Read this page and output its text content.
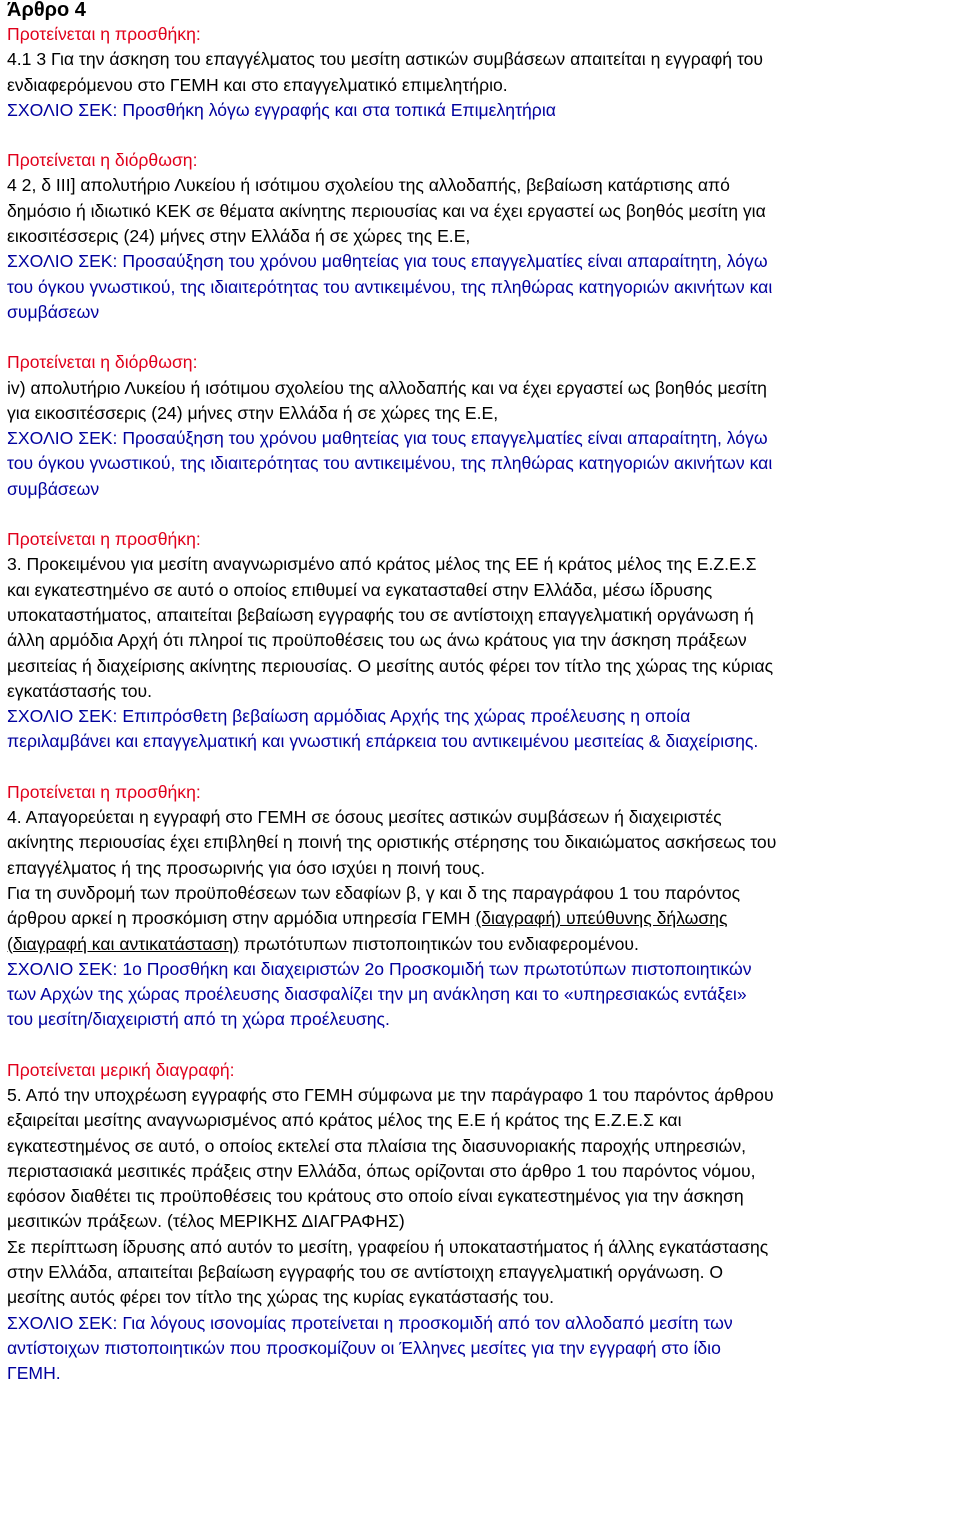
Άρθρο 4
Προτείνεται η προσθήκη:
4.1 3 Για την άσκηση του επαγγέλματος του μεσίτη αστικών συμβάσεων απαιτείται η εγγραφή του
ενδιαφερόμενου στο ΓΕΜΗ και στο επαγγελματικό επιμελητήριο.
ΣΧΟΛΙΟ ΣΕΚ: Προσθήκη λόγω εγγραφής και στα τοπικά Επιμελητήρια
Προτείνεται η διόρθωση:
4 2, δ III] απολυτήριο Λυκείου ή ισότιμου σχολείου της αλλοδαπής, βεβαίωση κατάρτισης από
δημόσιο ή ιδιωτικό ΚΕΚ σε θέματα ακίνητης περιουσίας και να έχει εργαστεί ως βοηθός μεσίτη για
εικοσιτέσσερις (24) μήνες στην Ελλάδα ή σε χώρες της Ε.Ε,
ΣΧΟΛΙΟ ΣΕΚ: Προσαύξηση του χρόνου μαθητείας για τους επαγγελματίες είναι απαραίτητη, λόγω
του όγκου γνωστικού, της ιδιαιτερότητας του αντικειμένου, της πληθώρας κατηγοριών ακινήτων και
συμβάσεων
Προτείνεται η διόρθωση:
iv) απολυτήριο Λυκείου ή ισότιμου σχολείου της αλλοδαπής και να έχει εργαστεί ως βοηθός μεσίτη
για εικοσιτέσσερις (24) μήνες στην Ελλάδα ή σε χώρες της Ε.Ε,
ΣΧΟΛΙΟ ΣΕΚ: Προσαύξηση του χρόνου μαθητείας για τους επαγγελματίες είναι απαραίτητη, λόγω
του όγκου γνωστικού, της ιδιαιτερότητας του αντικειμένου, της πληθώρας κατηγοριών ακινήτων και
συμβάσεων
Προτείνεται η προσθήκη:
3. Προκειμένου για μεσίτη αναγνωρισμένο από κράτος μέλος της ΕΕ ή κράτος μέλος της Ε.Ζ.Ε.Σ
και εγκατεστημένο σε αυτό ο οποίος επιθυμεί να εγκατασταθεί στην Ελλάδα, μέσω ίδρυσης
υποκαταστήματος, απαιτείται βεβαίωση εγγραφής του σε αντίστοιχη επαγγελματική οργάνωση ή
άλλη αρμόδια Αρχή ότι πληροί τις προϋποθέσεις του ως άνω κράτους για την άσκηση πράξεων
μεσιτείας ή διαχείρισης ακίνητης περιουσίας. Ο μεσίτης αυτός φέρει τον τίτλο της χώρας της κύριας
εγκατάστασής του.
ΣΧΟΛΙΟ ΣΕΚ: Επιπρόσθετη βεβαίωση αρμόδιας Αρχής της χώρας προέλευσης η οποία
περιλαμβάνει και επαγγελματική και γνωστική επάρκεια του αντικειμένου μεσιτείας & διαχείρισης.
Προτείνεται η προσθήκη:
4. Απαγορεύεται η εγγραφή στο ΓΕΜΗ σε όσους μεσίτες αστικών συμβάσεων ή διαχειριστές
ακίνητης περιουσίας έχει επιβληθεί η ποινή της οριστικής στέρησης του δικαιώματος ασκήσεως του
επαγγέλματος ή της προσωρινής για όσο ισχύει η ποινή τους.
Για τη συνδρομή των προϋποθέσεων των εδαφίων β, γ και δ της παραγράφου 1 του παρόντος
άρθρου αρκεί η προσκόμιση στην αρμόδια υπηρεσία ΓΕΜΗ (διαγραφή) υπεύθυνης δήλωσης
(διαγραφή και αντικατάσταση) πρωτότυπων πιστοποιητικών του ενδιαφερομένου.
ΣΧΟΛΙΟ ΣΕΚ: 1ο Προσθήκη και διαχειριστών 2ο Προσκομιδή των πρωτοτύπων πιστοποιητικών
των Αρχών της χώρας προέλευσης διασφαλίζει την μη ανάκληση και το «υπηρεσιακώς εντάξει»
του μεσίτη/διαχειριστή από τη χώρα προέλευσης.
Προτείνεται μερική διαγραφή:
5. Από την υποχρέωση εγγραφής στο ΓΕΜΗ σύμφωνα με την παράγραφο 1 του παρόντος άρθρου
εξαιρείται μεσίτης αναγνωρισμένος από κράτος μέλος της Ε.Ε ή κράτος της Ε.Ζ.Ε.Σ και
εγκατεστημένος σε αυτό, ο οποίος εκτελεί στα πλαίσια της διασυνοριακής παροχής υπηρεσιών,
περιστασιακά μεσιτικές πράξεις στην Ελλάδα, όπως ορίζονται στο άρθρο 1 του παρόντος νόμου,
εφόσον διαθέτει τις προϋποθέσεις του κράτους στο οποίο είναι εγκατεστημένος για την άσκηση
μεσιτικών πράξεων. (τέλος ΜΕΡΙΚΗΣ ΔΙΑΓΡΑΦΗΣ)
Σε περίπτωση ίδρυσης από αυτόν το μεσίτη, γραφείου ή υποκαταστήματος ή άλλης εγκατάστασης
στην Ελλάδα, απαιτείται βεβαίωση εγγραφής του σε αντίστοιχη επαγγελματική οργάνωση. Ο
μεσίτης αυτός φέρει τον τίτλο της χώρας της κυρίας εγκατάστασής του.
ΣΧΟΛΙΟ ΣΕΚ: Για λόγους ισονομίας προτείνεται η προσκομιδή από τον αλλοδαπό μεσίτη των
αντίστοιχων πιστοποιητικών που προσκομίζουν οι Έλληνες μεσίτες για την εγγραφή στο ίδιο
ΓΕΜΗ.
